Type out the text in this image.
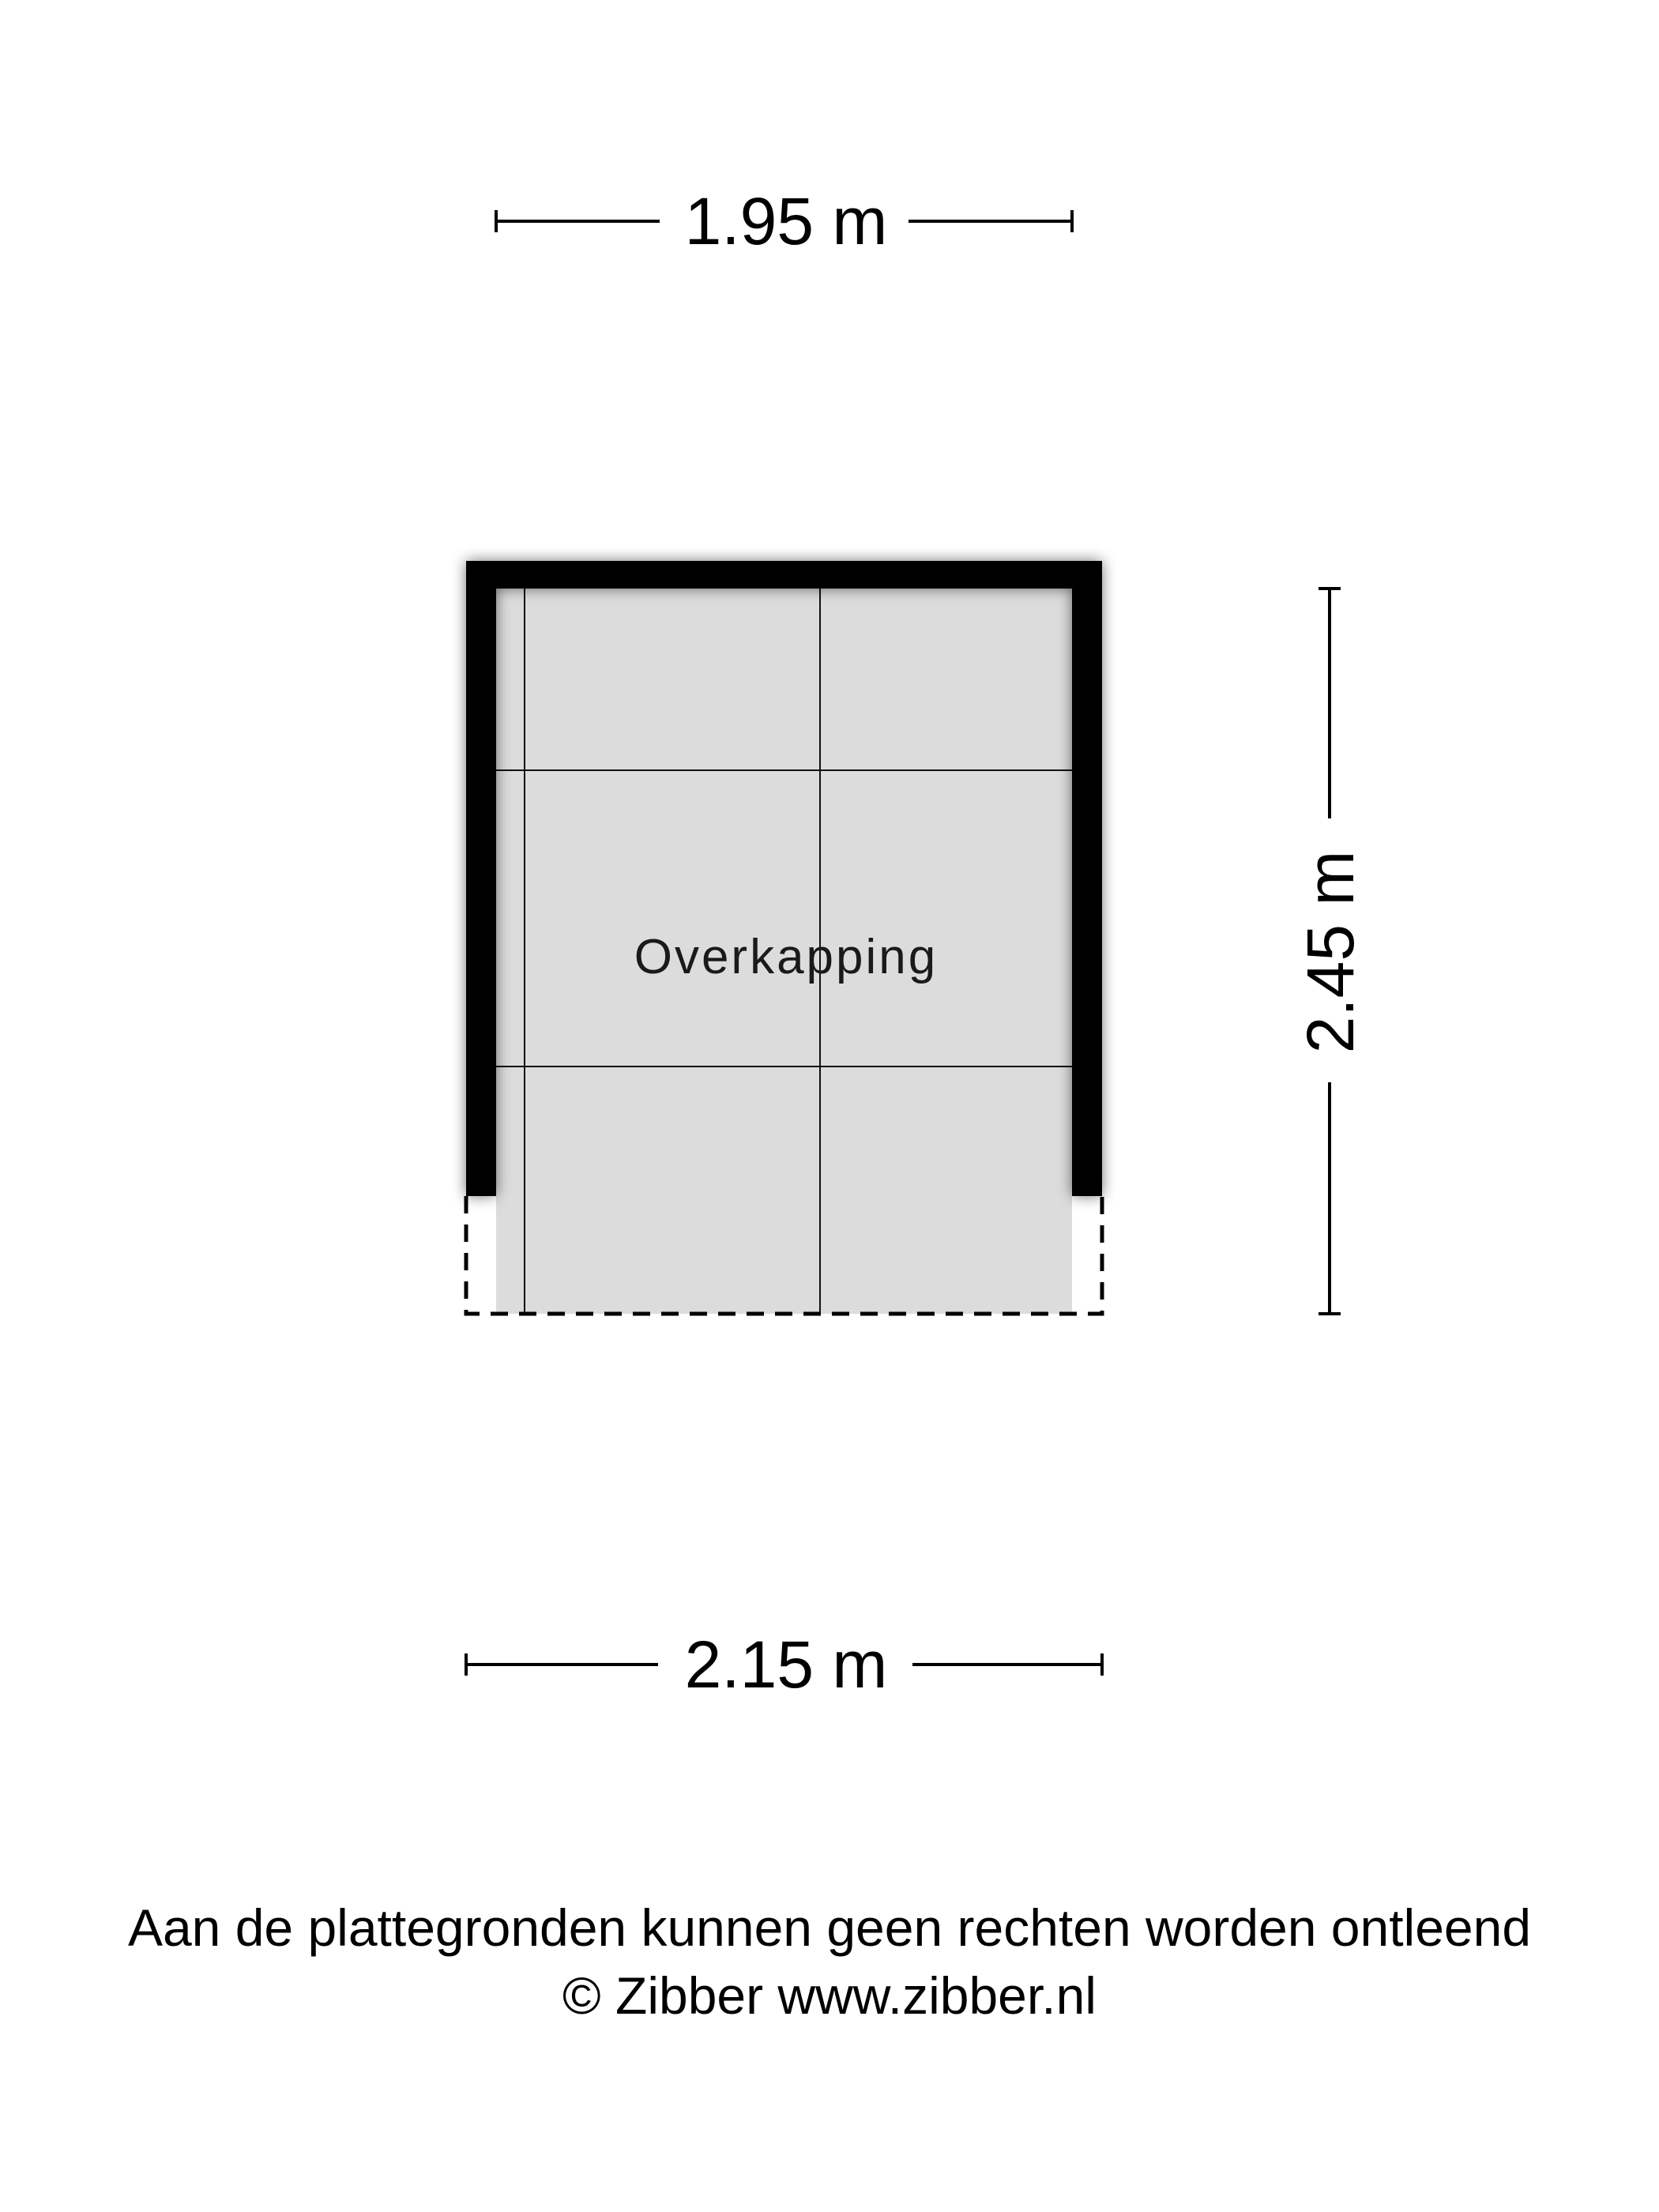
Overkapping
1.95 m
2.15 m
2.45 m
Aan de plattegronden kunnen geen rechten worden ontleend
© Zibber www.zibber.nl
